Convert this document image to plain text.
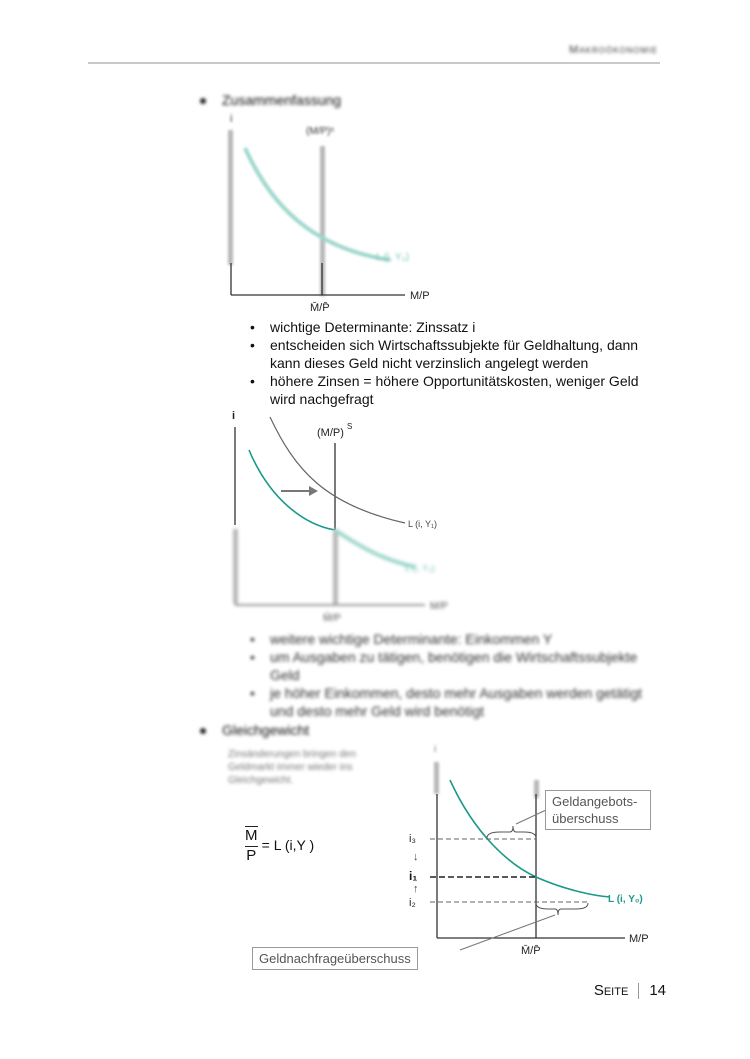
Makroökonomie
Zusammenfassung
i
(M/P)ˢ
L (i, Y₀)
M/P
M̄/P̄
• wichtige Determinante: Zinssatz i
• entscheiden sich Wirtschaftssubjekte für Geldhaltung, dann kann dieses Geld nicht verzinslich angelegt werden
• höhere Zinsen = höhere Opportunitätskosten, weniger Geld wird nachgefragt
i
(M/P)
S
L (i, Y₁)
L (i, Y₀)
M/P
M̄/P
• weitere wichtige Determinante: Einkommen Y
• um Ausgaben zu tätigen, benötigen die Wirtschaftssubjekte Geld
• je höher Einkommen, desto mehr Ausgaben werden getätigt und desto mehr Geld wird benötigt
Gleichgewicht
Zinsänderungen bringen den Geldmarkt immer wieder ins Gleichgewicht.
$\frac{M}{P} = L$ (i,Y )
i
M/P
M̄/P̄
L (i, Y₀)
i₃
↓
i₁
↑
i₂
Geldangebots-
überschuss
Geldnachfrageüberschuss
Seite 14
